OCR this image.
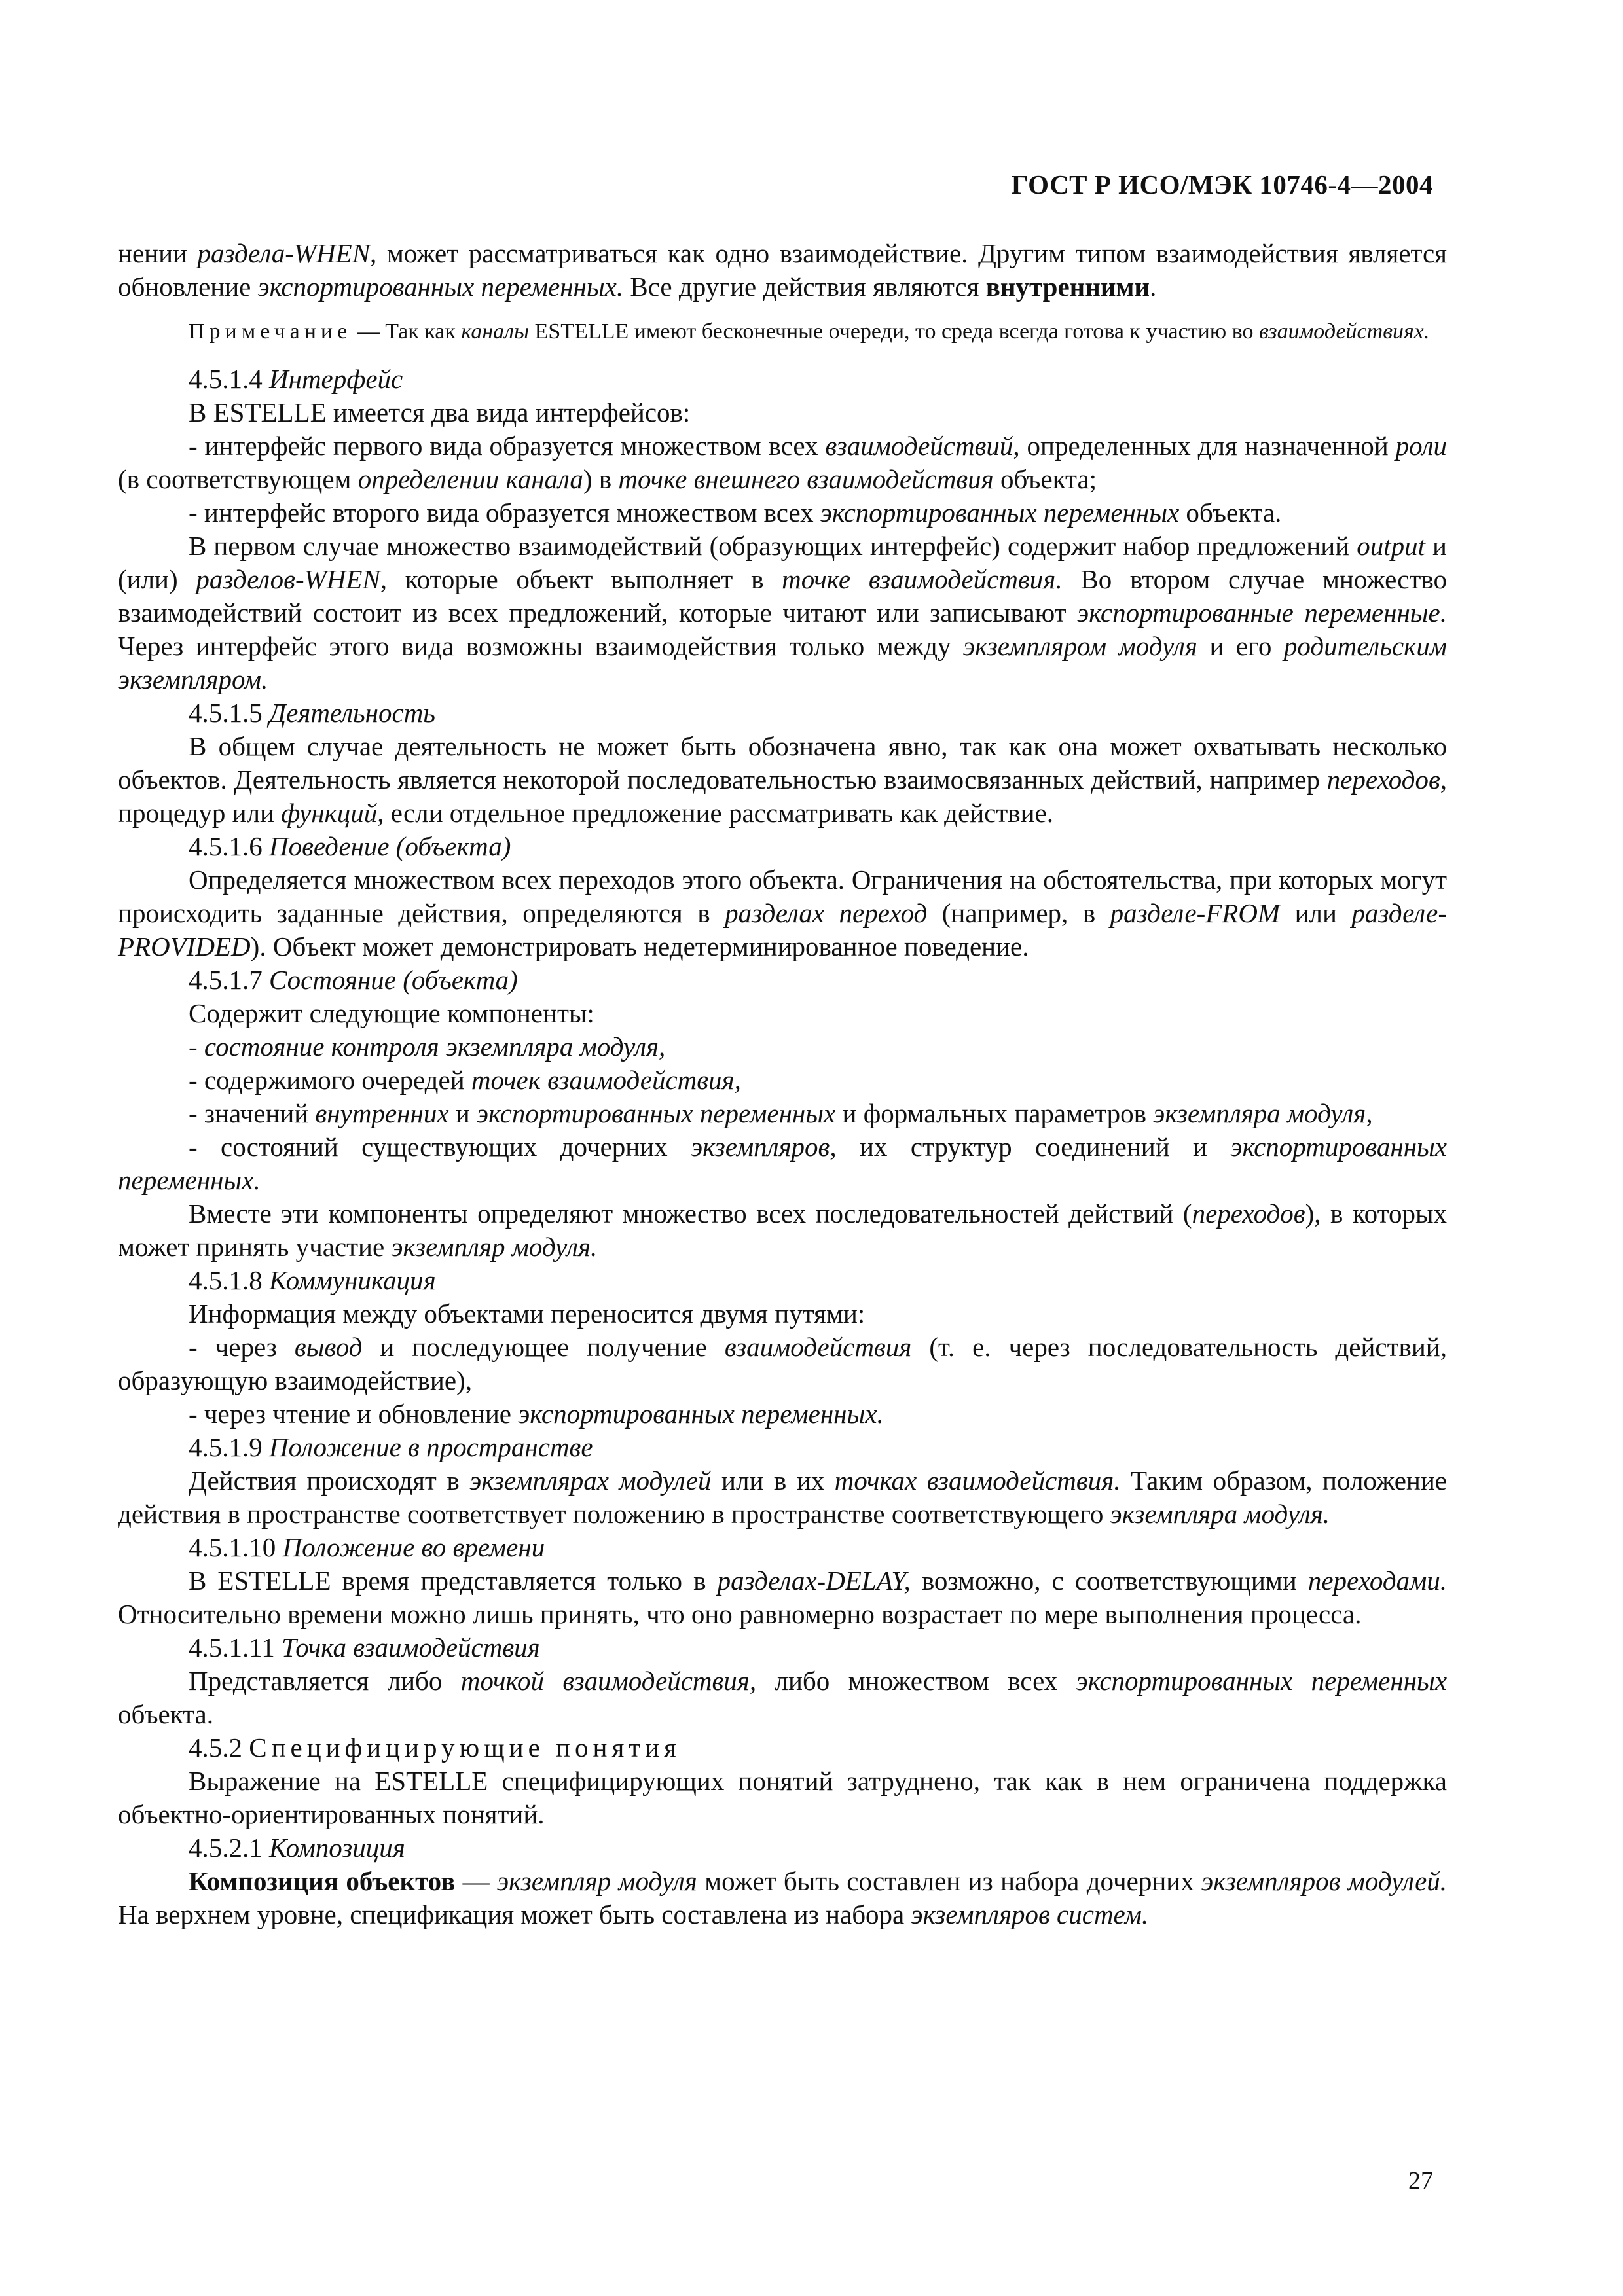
ГОСТ Р ИСО/МЭК 10746-4—2004

нении раздела-WHEN, может рассматриваться как одно взаимодействие. Другим типом взаимодействия является обновление экспортированных переменных. Все другие действия являются внутренними.

Примечание — Так как каналы ESTELLE имеют бесконечные очереди, то среда всегда готова к участию во взаимодействиях.

4.5.1.4 Интерфейс

В ESTELLE имеется два вида интерфейсов:

- интерфейс первого вида образуется множеством всех взаимодействий, определенных для назначенной роли (в соответствующем определении канала) в точке внешнего взаимодействия объекта;

- интерфейс второго вида образуется множеством всех экспортированных переменных объекта.

В первом случае множество взаимодействий (образующих интерфейс) содержит набор предложений output и (или) разделов-WHEN, которые объект выполняет в точке взаимодействия. Во втором случае множество взаимодействий состоит из всех предложений, которые читают или записывают экспортированные переменные. Через интерфейс этого вида возможны взаимодействия только между экземпляром модуля и его родительским экземпляром.

4.5.1.5 Деятельность

В общем случае деятельность не может быть обозначена явно, так как она может охватывать несколько объектов. Деятельность является некоторой последовательностью взаимосвязанных действий, например переходов, процедур или функций, если отдельное предложение рассматривать как действие.

4.5.1.6 Поведение (объекта)

Определяется множеством всех переходов этого объекта. Ограничения на обстоятельства, при которых могут происходить заданные действия, определяются в разделах переход (например, в разделе-FROM или разделе-PROVIDED). Объект может демонстрировать недетерминированное поведение.

4.5.1.7 Состояние (объекта)

Содержит следующие компоненты:

- состояние контроля экземпляра модуля,

- содержимого очередей точек взаимодействия,

- значений внутренних и экспортированных переменных и формальных параметров экземпляра модуля,

- состояний существующих дочерних экземпляров, их структур соединений и экспортированных переменных.

Вместе эти компоненты определяют множество всех последовательностей действий (переходов), в которых может принять участие экземпляр модуля.

4.5.1.8 Коммуникация

Информация между объектами переносится двумя путями:

- через вывод и последующее получение взаимодействия (т. е. через последовательность действий, образующую взаимодействие),

- через чтение и обновление экспортированных переменных.

4.5.1.9 Положение в пространстве

Действия происходят в экземплярах модулей или в их точках взаимодействия. Таким образом, положение действия в пространстве соответствует положению в пространстве соответствующего экземпляра модуля.

4.5.1.10 Положение во времени

В ESTELLE время представляется только в разделах-DELAY, возможно, с соответствующими переходами. Относительно времени можно лишь принять, что оно равномерно возрастает по мере выполнения процесса.

4.5.1.11 Точка взаимодействия

Представляется либо точкой взаимодействия, либо множеством всех экспортированных переменных объекта.

4.5.2 Специфицирующие понятия

Выражение на ESTELLE специфицирующих понятий затруднено, так как в нем ограничена поддержка объектно-ориентированных понятий.

4.5.2.1 Композиция

Композиция объектов — экземпляр модуля может быть составлен из набора дочерних экземпляров модулей. На верхнем уровне, спецификация может быть составлена из набора экземпляров систем.

27
